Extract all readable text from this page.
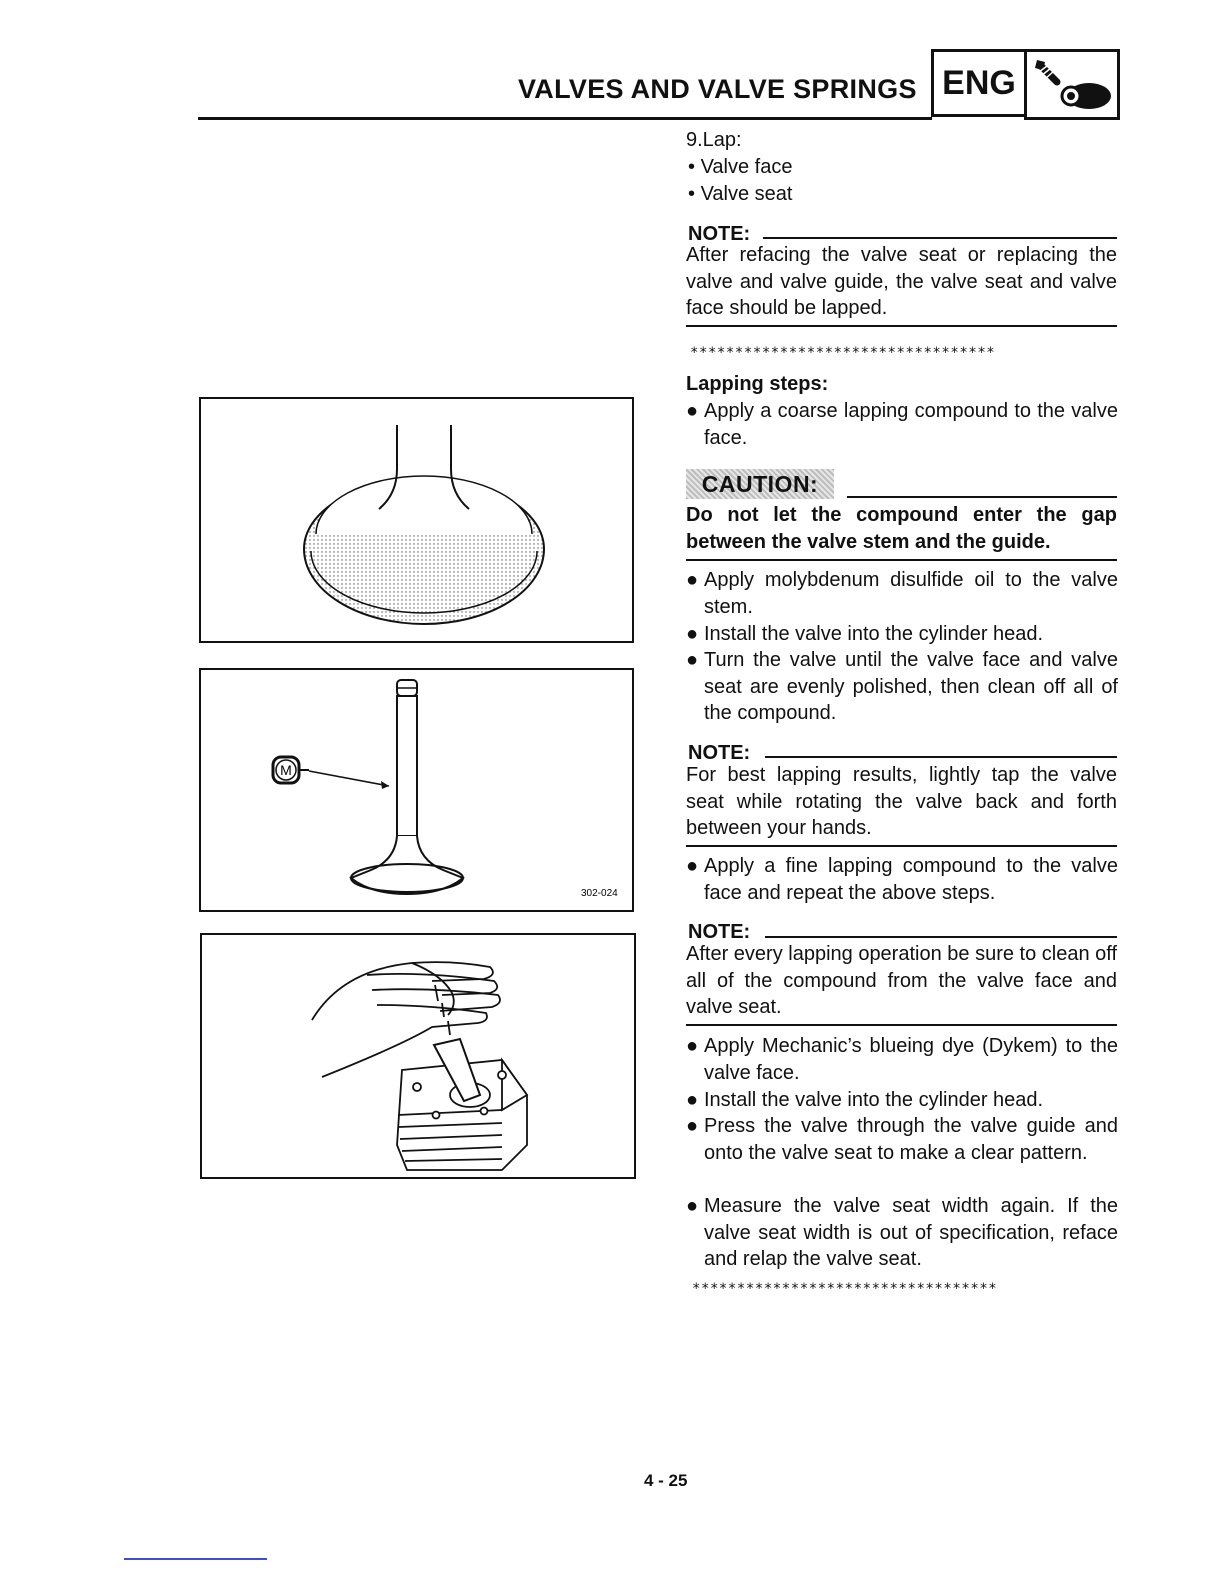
VALVES AND VALVE SPRINGS ENG
M
302-024
9.Lap:
• Valve face
• Valve seat
NOTE:
After refacing the valve seat or replacing the valve and valve guide, the valve seat and valve face should be lapped.
**********************************
Lapping steps:
● Apply a coarse lapping compound to the valve face.
CAUTION:
Do not let the compound enter the gap between the valve stem and the guide.
● Apply molybdenum disulfide oil to the valve stem.
● Install the valve into the cylinder head.
● Turn the valve until the valve face and valve seat are evenly polished, then clean off all of the compound.
NOTE:
For best lapping results, lightly tap the valve seat while rotating the valve back and forth between your hands.
● Apply a fine lapping compound to the valve face and repeat the above steps.
NOTE:
After every lapping operation be sure to clean off all of the compound from the valve face and valve seat.
● Apply Mechanic’s blueing dye (Dykem) to the valve face.
● Install the valve into the cylinder head.
● Press the valve through the valve guide and onto the valve seat to make a clear pattern.
● Measure the valve seat width again. If the valve seat width is out of specification, reface and relap the valve seat.
**********************************
4 - 25
